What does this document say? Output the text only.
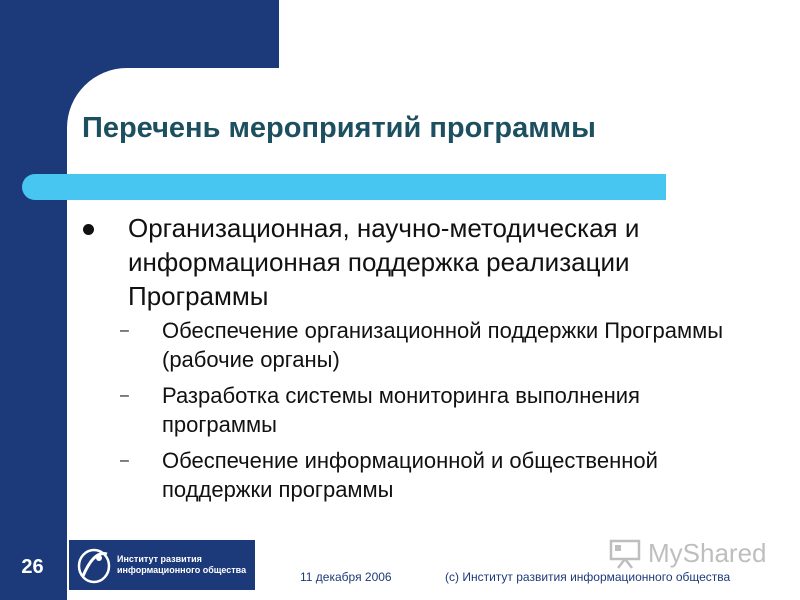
Перечень мероприятий программы

Организационная, научно-методическая и информационная поддержка реализации Программы

– Обеспечение организационной поддержки Программы (рабочие органы)
– Разработка системы мониторинга выполнения программы
– Обеспечение информационной и общественной поддержки программы
26	Институт развития
информационного общества	11 декабря 2006	(c) Институт развития информационного общества
MyShared
